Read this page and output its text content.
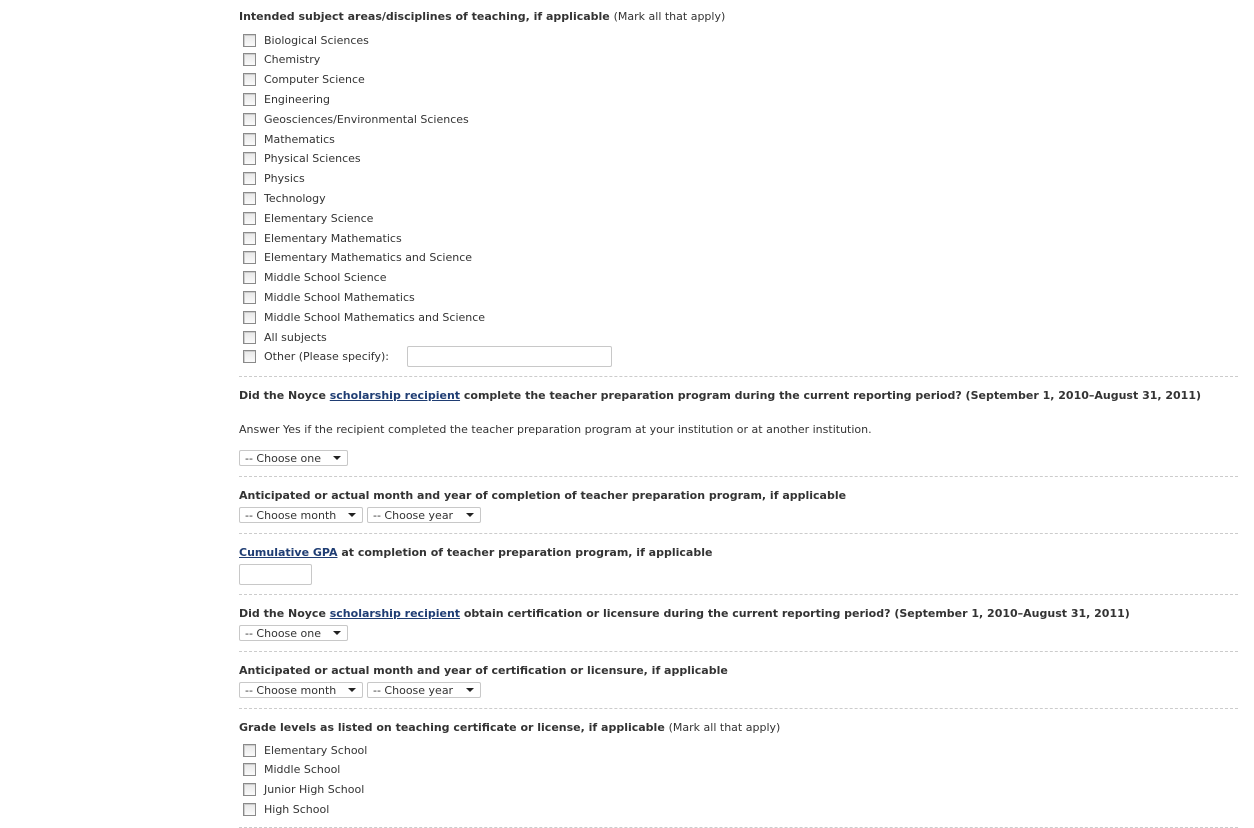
Intended subject areas/disciplines of teaching, if applicable (Mark all that apply)
Biological Sciences
Chemistry
Computer Science
Engineering
Geosciences/Environmental Sciences
Mathematics
Physical Sciences
Physics
Technology
Elementary Science
Elementary Mathematics
Elementary Mathematics and Science
Middle School Science
Middle School Mathematics
Middle School Mathematics and Science
All subjects
Other (Please specify):
Did the Noyce scholarship recipient complete the teacher preparation program during the current reporting period? (September 1, 2010–August 31, 2011)
Answer Yes if the recipient completed the teacher preparation program at your institution or at another institution.
-- Choose one
Anticipated or actual month and year of completion of teacher preparation program, if applicable
-- Choose month	-- Choose year
Cumulative GPA at completion of teacher preparation program, if applicable
Did the Noyce scholarship recipient obtain certification or licensure during the current reporting period? (September 1, 2010–August 31, 2011)
-- Choose one
Anticipated or actual month and year of certification or licensure, if applicable
-- Choose month	-- Choose year
Grade levels as listed on teaching certificate or license, if applicable (Mark all that apply)
Elementary School
Middle School
Junior High School
High School
